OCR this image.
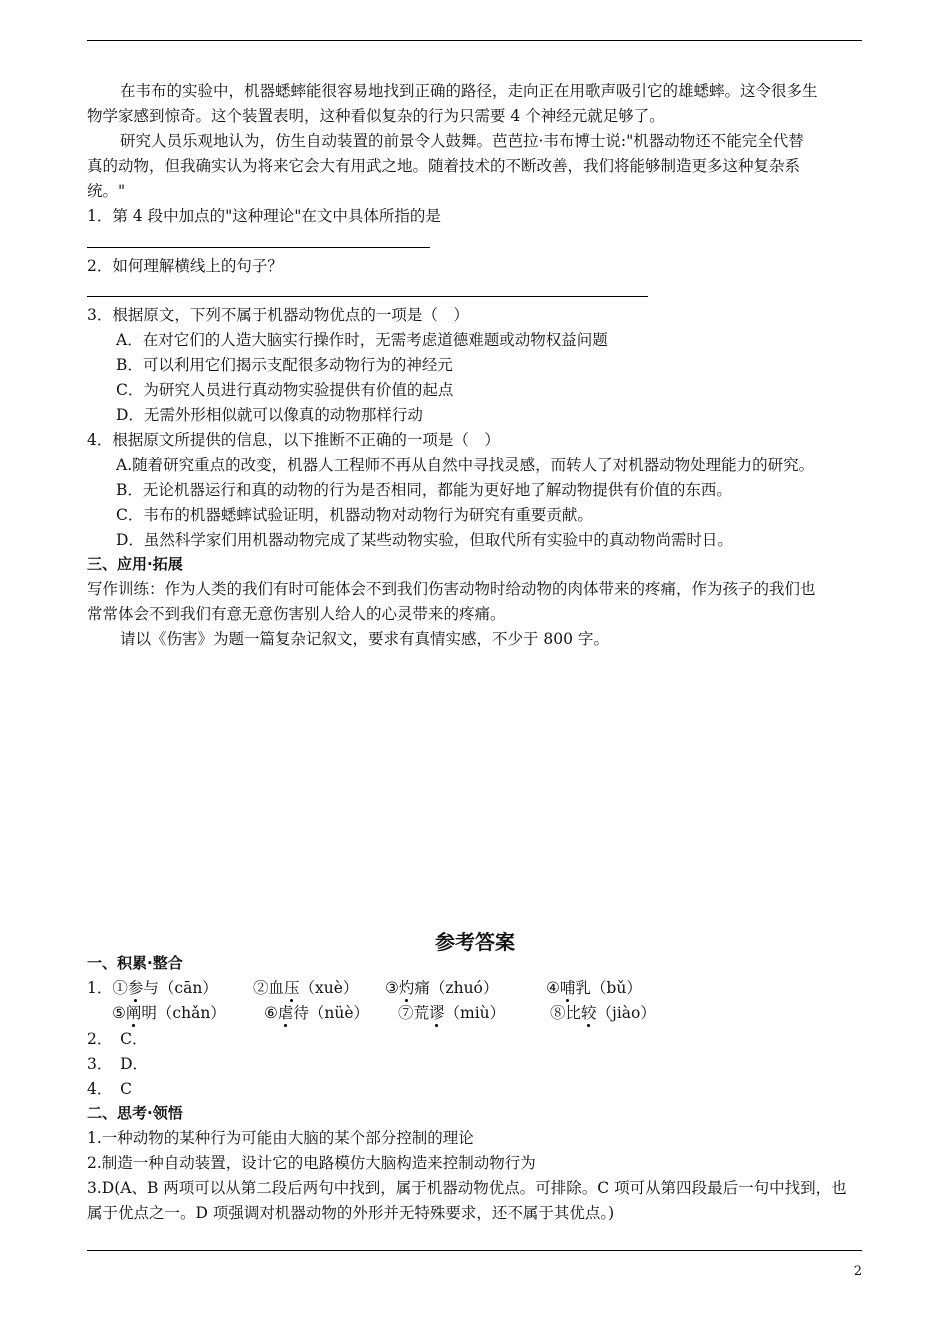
在韦布的实验中，机器蟋蟀能很容易地找到正确的路径，走向正在用歌声吸引它的雄蟋蟀。这令很多生
物学家感到惊奇。这个装置表明，这种看似复杂的行为只需要 4 个神经元就足够了。
研究人员乐观地认为，仿生自动装置的前景令人鼓舞。芭芭拉·韦布博士说:"机器动物还不能完全代替
真的动物，但我确实认为将来它会大有用武之地。随着技术的不断改善，我们将能够制造更多这种复杂系
统。"
1．第 4 段中加点的"这种理论"在文中具体所指的是
2．如何理解横线上的句子？
3．根据原文，下列不属于机器动物优点的一项是（　）
A．在对它们的人造大脑实行操作时，无需考虑道德难题或动物权益问题
B．可以利用它们揭示支配很多动物行为的神经元
C．为研究人员进行真动物实验提供有价值的起点
D．无需外形相似就可以像真的动物那样行动
4．根据原文所提供的信息，以下推断不正确的一项是（　）
A.随着研究重点的改变，机器人工程师不再从自然中寻找灵感，而转人了对机器动物处理能力的研究。
B．无论机器运行和真的动物的行为是否相同，都能为更好地了解动物提供有价值的东西。
C．韦布的机器蟋蟀试验证明，机器动物对动物行为研究有重要贡献。
D．虽然科学家们用机器动物完成了某些动物实验，但取代所有实验中的真动物尚需时日。
三、应用·拓展
写作训练：作为人类的我们有时可能体会不到我们伤害动物时给动物的肉体带来的疼痛，作为孩子的我们也
常常体会不到我们有意无意伤害别人给人的心灵带来的疼痛。
请以《伤害》为题一篇复杂记叙文，要求有真情实感，不少于 800 字。
参考答案
一、积累·整合
1．①参与（cān） ②血压（xuè） ③灼痛（zhuó）	④哺乳（bǔ）
⑤阐明（chǎn） ⑥虐待（nüè） ⑦荒谬（miù）	⑧比较（jiào）
2．　C．
3．　D．
4．　C
二、思考·领悟
1.一种动物的某种行为可能由大脑的某个部分控制的理论
2.制造一种自动装置，设计它的电路模仿大脑构造来控制动物行为
3.D(A、B 两项可以从第二段后两句中找到，属于机器动物优点。可排除。C 项可从第四段最后一句中找到，也
属于优点之一。D 项强调对机器动物的外形并无特殊要求，还不属于其优点。)
2
